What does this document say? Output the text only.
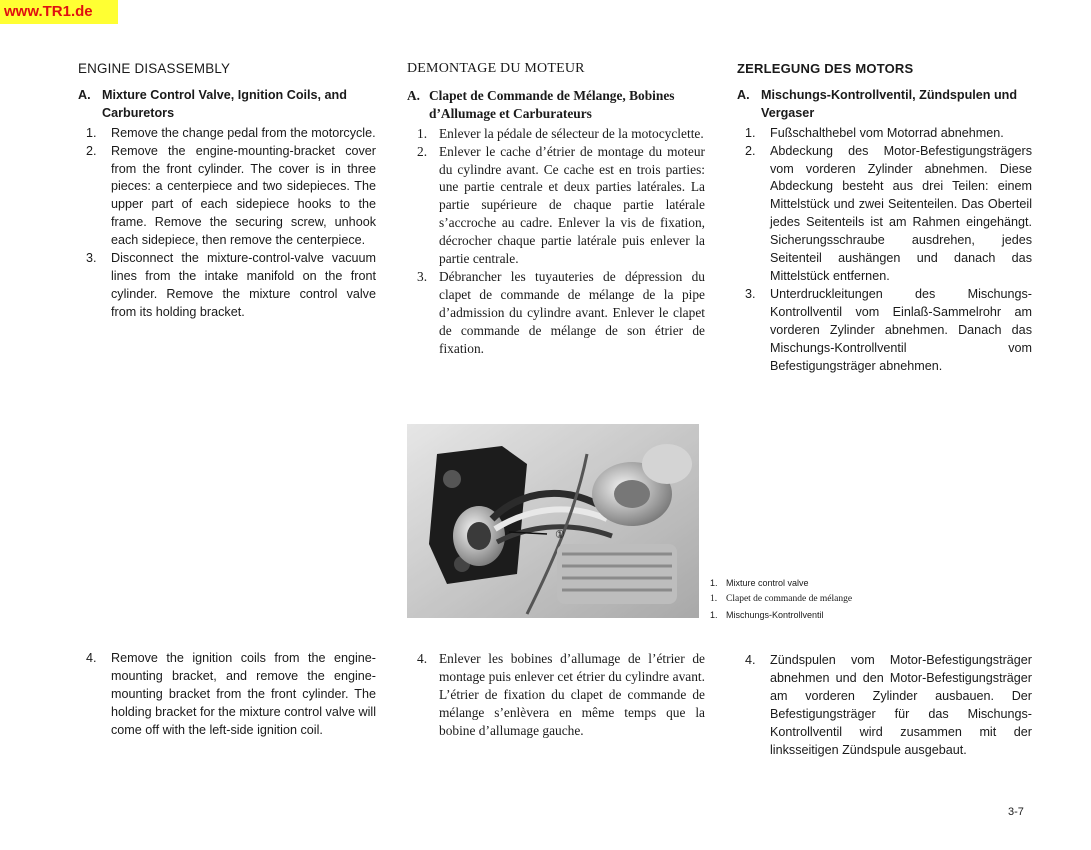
www.TR1.de
ENGINE DISASSEMBLY
A. Mixture Control Valve, Ignition Coils, and Carburetors
1.	Remove the change pedal from the motorcycle.
2.	Remove the engine-mounting-bracket cover from the front cylinder. The cover is in three pieces: a centerpiece and two sidepieces. The upper part of each sidepiece hooks to the frame. Remove the securing screw, unhook each sidepiece, then remove the centerpiece.
3.	Disconnect the mixture-control-valve vacuum lines from the intake manifold on the front cylinder. Remove the mixture control valve from its holding bracket.
DEMONTAGE DU MOTEUR
A. Clapet de Commande de Mélange, Bobines d’Allumage et Carburateurs
1. Enlever la pédale de sélecteur de la motocyclette.
2. Enlever le cache d’étrier de montage du moteur du cylindre avant. Ce cache est en trois parties: une partie centrale et deux parties latérales. La partie supérieure de chaque partie latérale s’accroche au cadre. Enlever la vis de fixation, décrocher chaque partie latérale puis enlever la partie centrale.
3. Débrancher les tuyauteries de dépression du clapet de commande de mélange de la pipe d’admission du cylindre avant. Enlever le clapet de commande de mélange de son étrier de fixation.
ZERLEGUNG DES MOTORS
A. Mischungs-Kontrollventil, Zündspulen und Vergaser
1.	Fußschalthebel vom Motorrad abnehmen.
2.	Abdeckung des Motor-Befestigungsträgers vom vorderen Zylinder abnehmen. Diese Abdeckung besteht aus drei Teilen: einem Mittelstück und zwei Seitenteilen. Das Oberteil jedes Seitenteils ist am Rahmen eingehängt. Sicherungsschraube ausdrehen, jedes Seitenteil aushängen und danach das Mittelstück entfernen.
3.	Unterdruckleitungen des Mischungs-Kontrollventil vom Einlaß-Sammelrohr am vorderen Zylinder abnehmen. Danach das Mischungs-Kontrollventil vom Befestigungsträger abnehmen.
①
1. Mixture control valve
1. Clapet de commande de mélange
1. Mischungs-Kontrollventil
4.	Remove the ignition coils from the engine-mounting bracket, and remove the engine-mounting bracket from the front cylinder. The holding bracket for the mixture control valve will come off with the left-side ignition coil.
4. Enlever les bobines d’allumage de l’étrier de montage puis enlever cet étrier du cylindre avant. L’étrier de fixation du clapet de commande de mélange s’enlèvera en même temps que la bobine d’allumage gauche.
4.	Zündspulen vom Motor-Befestigungsträger abnehmen und den Motor-Befestigungsträger am vorderen Zylinder ausbauen. Der Befestigungsträger für das Mischungs-Kontrollventil wird zusammen mit der linksseitigen Zündspule ausgebaut.
3-7
